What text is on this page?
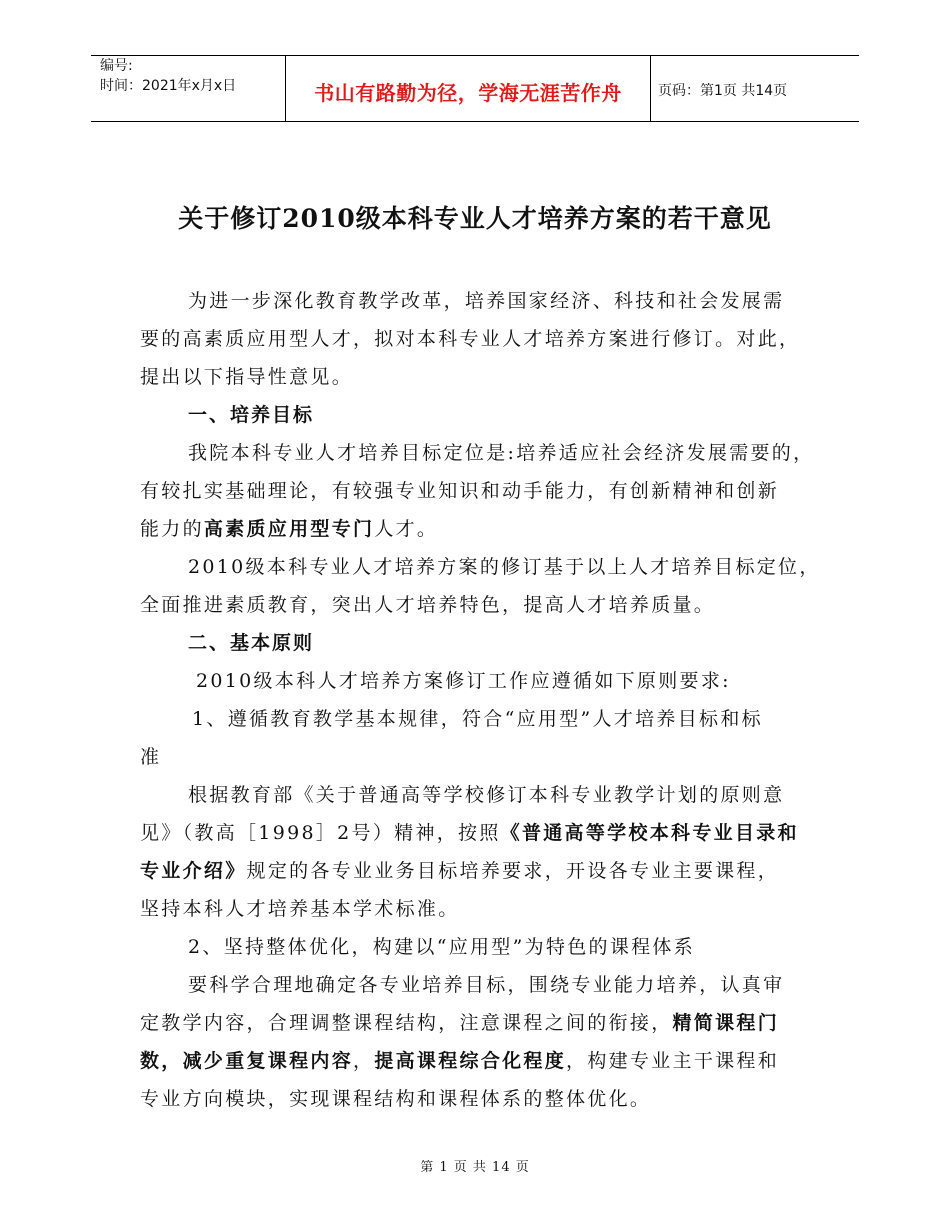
编号:
时间：2021年x月x日	书山有路勤为径，学海无涯苦作舟	页码：第1页 共14页
关于修订2010级本科专业人才培养方案的若干意见
为进一步深化教育教学改革，培养国家经济、科技和社会发展需
要的高素质应用型人才，拟对本科专业人才培养方案进行修订。对此，
提出以下指导性意见。
一、培养目标
我院本科专业人才培养目标定位是:培养适应社会经济发展需要的，
有较扎实基础理论，有较强专业知识和动手能力，有创新精神和创新
能力的高素质应用型专门人才。
2010级本科专业人才培养方案的修订基于以上人才培养目标定位，
全面推进素质教育，突出人才培养特色，提高人才培养质量。
二、基本原则
2010级本科人才培养方案修订工作应遵循如下原则要求:
1、遵循教育教学基本规律，符合“应用型”人才培养目标和标
准
根据教育部《关于普通高等学校修订本科专业教学计划的原则意
见》（教高［1998］2号）精神，按照《普通高等学校本科专业目录和
专业介绍》规定的各专业业务目标培养要求，开设各专业主要课程，
坚持本科人才培养基本学术标准。
2、坚持整体优化，构建以“应用型”为特色的课程体系
要科学合理地确定各专业培养目标，围绕专业能力培养，认真审
定教学内容，合理调整课程结构，注意课程之间的衔接，精简课程门
数，减少重复课程内容，提高课程综合化程度，构建专业主干课程和
专业方向模块，实现课程结构和课程体系的整体优化。
第 1 页 共 14 页
